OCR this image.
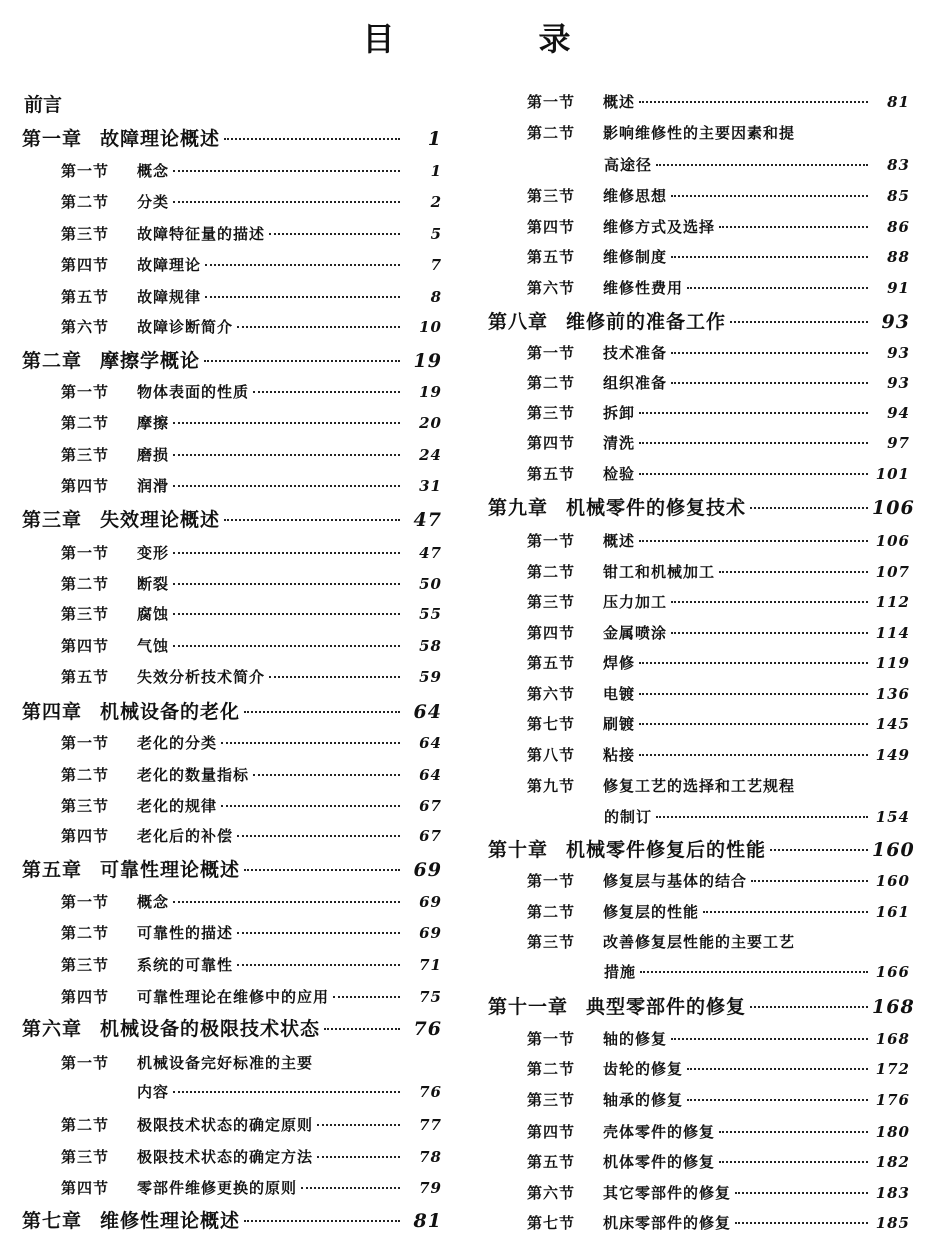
目　录
前言
第一章 故障理论概述	1
第一节	概念	1
第二节	分类	2
第三节	故障特征量的描述	5
第四节	故障理论	7
第五节	故障规律	8
第六节	故障诊断简介	10
第二章 摩擦学概论	19
第一节	物体表面的性质	19
第二节	摩擦	20
第三节	磨损	24
第四节	润滑	31
第三章 失效理论概述	47
第一节	变形	47
第二节	断裂	50
第三节	腐蚀	55
第四节	气蚀	58
第五节	失效分析技术简介	59
第四章 机械设备的老化	64
第一节	老化的分类	64
第二节	老化的数量指标	64
第三节	老化的规律	67
第四节	老化后的补偿	67
第五章 可靠性理论概述	69
第一节	概念	69
第二节	可靠性的描述	69
第三节	系统的可靠性	71
第四节	可靠性理论在维修中的应用	75
第六章 机械设备的极限技术状态	76
第一节	机械设备完好标准的主要
内容	76
第二节	极限技术状态的确定原则	77
第三节	极限技术状态的确定方法	78
第四节	零部件维修更换的原则	79
第七章 维修性理论概述	81
第一节	概述	81
第二节	影响维修性的主要因素和提
高途径	83
第三节	维修思想	85
第四节	维修方式及选择	86
第五节	维修制度	88
第六节	维修性费用	91
第八章 维修前的准备工作	93
第一节	技术准备	93
第二节	组织准备	93
第三节	拆卸	94
第四节	清洗	97
第五节	检验	101
第九章 机械零件的修复技术	106
第一节	概述	106
第二节	钳工和机械加工	107
第三节	压力加工	112
第四节	金属喷涂	114
第五节	焊修	119
第六节	电镀	136
第七节	刷镀	145
第八节	粘接	149
第九节	修复工艺的选择和工艺规程
的制订	154
第十章 机械零件修复后的性能	160
第一节	修复层与基体的结合	160
第二节	修复层的性能	161
第三节	改善修复层性能的主要工艺
措施	166
第十一章 典型零部件的修复	168
第一节	轴的修复	168
第二节	齿轮的修复	172
第三节	轴承的修复	176
第四节	壳体零件的修复	180
第五节	机体零件的修复	182
第六节	其它零部件的修复	183
第七节	机床零部件的修复	185
